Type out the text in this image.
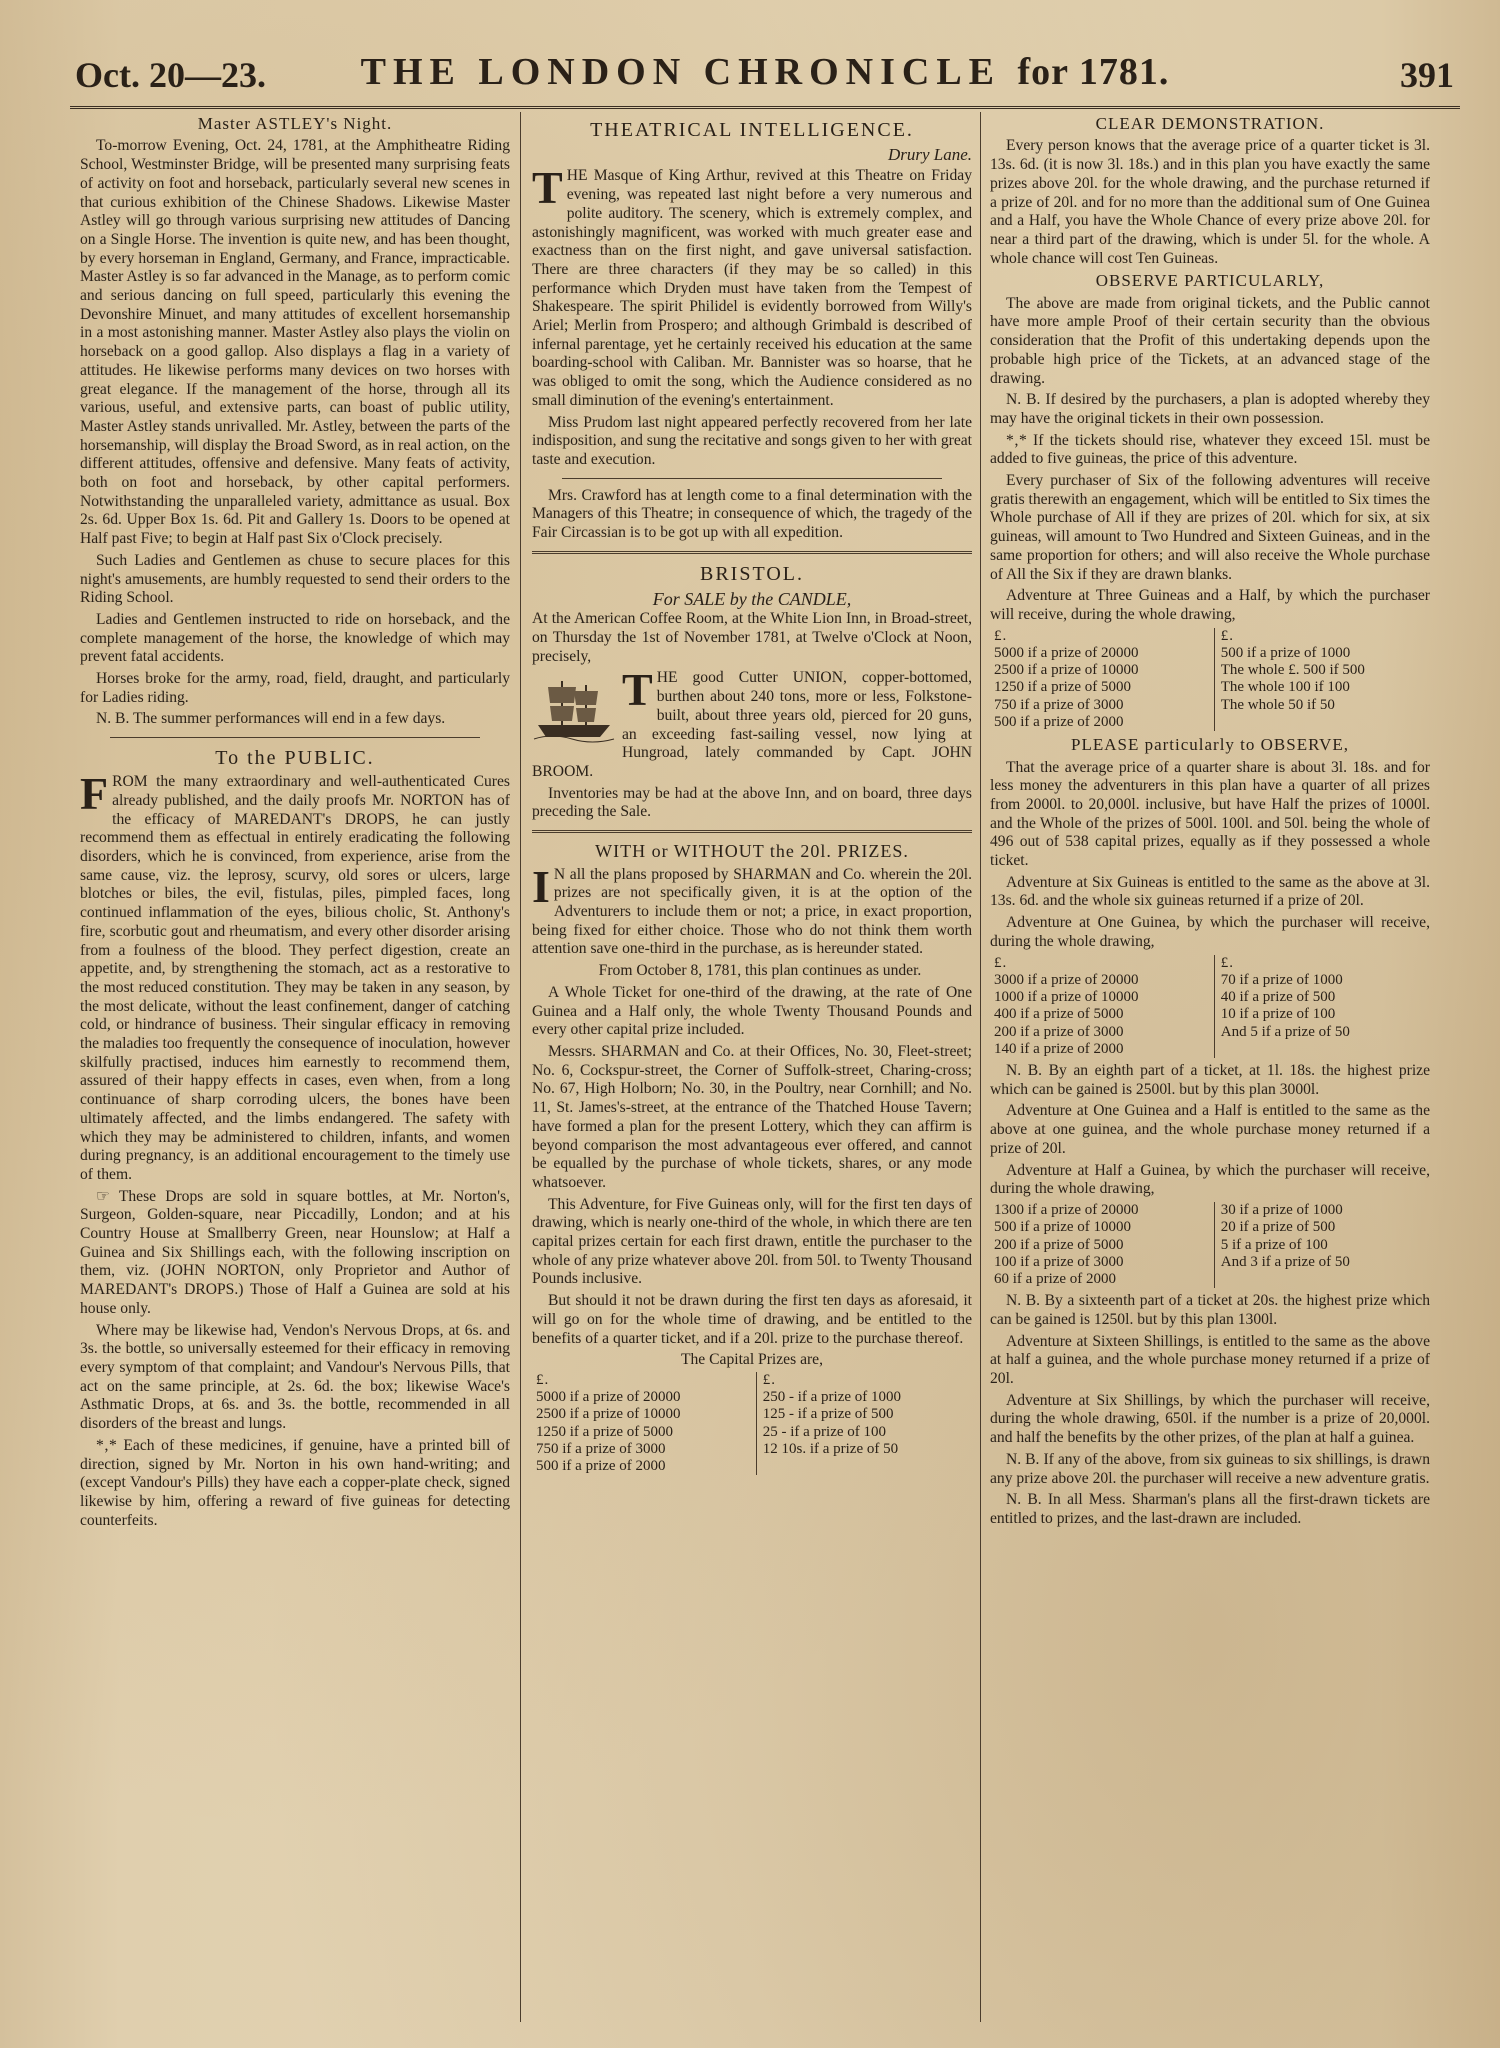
Oct. 20—23.	THE LONDON CHRONICLE for 1781.	391
Master ASTLEY's Night.

To-morrow Evening, Oct. 24, 1781, at the Amphitheatre Riding School, Westminster Bridge, will be presented many surprising feats of activity on foot and horseback, particularly several new scenes in that curious exhibition of the Chinese Shadows. Likewise Master Astley will go through various surprising new attitudes of Dancing on a Single Horse. The invention is quite new, and has been thought, by every horseman in England, Germany, and France, impracticable. Master Astley is so far advanced in the Manage, as to perform comic and serious dancing on full speed, particularly this evening the Devonshire Minuet, and many attitudes of excellent horsemanship in a most astonishing manner. Master Astley also plays the violin on horseback on a good gallop. Also displays a flag in a variety of attitudes. He likewise performs many devices on two horses with great elegance. If the management of the horse, through all its various, useful, and extensive parts, can boast of public utility, Master Astley stands unrivalled. Mr. Astley, between the parts of the horsemanship, will display the Broad Sword, as in real action, on the different attitudes, offensive and defensive. Many feats of activity, both on foot and horseback, by other capital performers. Notwithstanding the unparalleled variety, admittance as usual. Box 2s. 6d. Upper Box 1s. 6d. Pit and Gallery 1s. Doors to be opened at Half past Five; to begin at Half past Six o'Clock precisely.

Such Ladies and Gentlemen as chuse to secure places for this night's amusements, are humbly requested to send their orders to the Riding School.

Ladies and Gentlemen instructed to ride on horseback, and the complete management of the horse, the knowledge of which may prevent fatal accidents.

Horses broke for the army, road, field, draught, and particularly for Ladies riding.

N. B. The summer performances will end in a few days.

To the PUBLIC.

FROM the many extraordinary and well-authenticated Cures already published, and the daily proofs Mr. NORTON has of the efficacy of MAREDANT's DROPS, he can justly recommend them as effectual in entirely eradicating the following disorders, which he is convinced, from experience, arise from the same cause, viz. the leprosy, scurvy, old sores or ulcers, large blotches or biles, the evil, fistulas, piles, pimpled faces, long continued inflammation of the eyes, bilious cholic, St. Anthony's fire, scorbutic gout and rheumatism, and every other disorder arising from a foulness of the blood. They perfect digestion, create an appetite, and, by strengthening the stomach, act as a restorative to the most reduced constitution. They may be taken in any season, by the most delicate, without the least confinement, danger of catching cold, or hindrance of business. Their singular efficacy in removing the maladies too frequently the consequence of inoculation, however skilfully practised, induces him earnestly to recommend them, assured of their happy effects in cases, even when, from a long continuance of sharp corroding ulcers, the bones have been ultimately affected, and the limbs endangered. The safety with which they may be administered to children, infants, and women during pregnancy, is an additional encouragement to the timely use of them.

☞ These Drops are sold in square bottles, at Mr. Norton's, Surgeon, Golden-square, near Piccadilly, London; and at his Country House at Smallberry Green, near Hounslow; at Half a Guinea and Six Shillings each, with the following inscription on them, viz. (JOHN NORTON, only Proprietor and Author of MAREDANT's DROPS.) Those of Half a Guinea are sold at his house only.

Where may be likewise had, Vendon's Nervous Drops, at 6s. and 3s. the bottle, so universally esteemed for their efficacy in removing every symptom of that complaint; and Vandour's Nervous Pills, that act on the same principle, at 2s. 6d. the box; likewise Wace's Asthmatic Drops, at 6s. and 3s. the bottle, recommended in all disorders of the breast and lungs.

*‚* Each of these medicines, if genuine, have a printed bill of direction, signed by Mr. Norton in his own hand-writing; and (except Vandour's Pills) they have each a copper-plate check, signed likewise by him, offering a reward of five guineas for detecting counterfeits.

THEATRICAL INTELLIGENCE.
Drury Lane.

THE Masque of King Arthur, revived at this Theatre on Friday evening, was repeated last night before a very numerous and polite auditory. The scenery, which is extremely complex, and astonishingly magnificent, was worked with much greater ease and exactness than on the first night, and gave universal satisfaction. There are three characters (if they may be so called) in this performance which Dryden must have taken from the Tempest of Shakespeare. The spirit Philidel is evidently borrowed from Willy's Ariel; Merlin from Prospero; and although Grimbald is described of infernal parentage, yet he certainly received his education at the same boarding-school with Caliban. Mr. Bannister was so hoarse, that he was obliged to omit the song, which the Audience considered as no small diminution of the evening's entertainment.

Miss Prudom last night appeared perfectly recovered from her late indisposition, and sung the recitative and songs given to her with great taste and execution.

Mrs. Crawford has at length come to a final determination with the Managers of this Theatre; in consequence of which, the tragedy of the Fair Circassian is to be got up with all expedition.

BRISTOL.
For SALE by the CANDLE,

At the American Coffee Room, at the White Lion Inn, in Broad-street, on Thursday the 1st of November 1781, at Twelve o'Clock at Noon, precisely,

THE good Cutter UNION, copper-bottomed, burthen about 240 tons, more or less, Folkstone-built, about three years old, pierced for 20 guns, an exceeding fast-sailing vessel, now lying at Hungroad, lately commanded by Capt. JOHN BROOM.

Inventories may be had at the above Inn, and on board, three days preceding the Sale.

WITH or WITHOUT the 20l. PRIZES.

I N all the plans proposed by SHARMAN and Co. wherein the 20l. prizes are not specifically given, it is at the option of the Adventurers to include them or not; a price, in exact proportion, being fixed for either choice. Those who do not think them worth attention save one-third in the purchase, as is hereunder stated.

From October 8, 1781, this plan continues as under.

A Whole Ticket for one-third of the drawing, at the rate of One Guinea and a Half only, the whole Twenty Thousand Pounds and every other capital prize included.

Messrs. SHARMAN and Co. at their Offices, No. 30, Fleet-street; No. 6, Cockspur-street, the Corner of Suffolk-street, Charing-cross; No. 67, High Holborn; No. 30, in the Poultry, near Cornhill; and No. 11, St. James's-street, at the entrance of the Thatched House Tavern; have formed a plan for the present Lottery, which they can affirm is beyond comparison the most advantageous ever offered, and cannot be equalled by the purchase of whole tickets, shares, or any mode whatsoever.

This Adventure, for Five Guineas only, will for the first ten days of drawing, which is nearly one-third of the whole, in which there are ten capital prizes certain for each first drawn, entitle the purchaser to the whole of any prize whatever above 20l. from 50l. to Twenty Thousand Pounds inclusive.

But should it not be drawn during the first ten days as aforesaid, it will go on for the whole time of drawing, and be entitled to the benefits of a quarter ticket, and if a 20l. prize to the purchase thereof.

The Capital Prizes are,
£.
5000 if a prize of 20000
2500 if a prize of 10000
1250 if a prize of 5000
750 if a prize of 3000
500 if a prize of 2000
£.
250 - if a prize of 1000
125 - if a prize of 500
25 - if a prize of 100
12 10s. if a prize of 50
CLEAR DEMONSTRATION.

Every person knows that the average price of a quarter ticket is 3l. 13s. 6d. (it is now 3l. 18s.) and in this plan you have exactly the same prizes above 20l. for the whole drawing, and the purchase returned if a prize of 20l. and for no more than the additional sum of One Guinea and a Half, you have the Whole Chance of every prize above 20l. for near a third part of the drawing, which is under 5l. for the whole. A whole chance will cost Ten Guineas.

OBSERVE PARTICULARLY,

The above are made from original tickets, and the Public cannot have more ample Proof of their certain security than the obvious consideration that the Profit of this undertaking depends upon the probable high price of the Tickets, at an advanced stage of the drawing.

N. B. If desired by the purchasers, a plan is adopted whereby they may have the original tickets in their own possession.

*‚* If the tickets should rise, whatever they exceed 15l. must be added to five guineas, the price of this adventure.

Every purchaser of Six of the following adventures will receive gratis therewith an engagement, which will be entitled to Six times the Whole purchase of All if they are prizes of 20l. which for six, at six guineas, will amount to Two Hundred and Sixteen Guineas, and in the same proportion for others; and will also receive the Whole purchase of All the Six if they are drawn blanks.

Adventure at Three Guineas and a Half, by which the purchaser will receive, during the whole drawing,

£.
5000 if a prize of 20000
2500 if a prize of 10000
1250 if a prize of 5000
750 if a prize of 3000
500 if a prize of 2000
£.
500 if a prize of 1000
The whole £. 500 if 500
The whole 100 if 100
The whole 50 if 50
PLEASE particularly to OBSERVE,

That the average price of a quarter share is about 3l. 18s. and for less money the adventurers in this plan have a quarter of all prizes from 2000l. to 20,000l. inclusive, but have Half the prizes of 1000l. and the Whole of the prizes of 500l. 100l. and 50l. being the whole of 496 out of 538 capital prizes, equally as if they possessed a whole ticket.

Adventure at Six Guineas is entitled to the same as the above at 3l. 13s. 6d. and the whole six guineas returned if a prize of 20l.

Adventure at One Guinea, by which the purchaser will receive, during the whole drawing,

£.
3000 if a prize of 20000
1000 if a prize of 10000
400 if a prize of 5000
200 if a prize of 3000
140 if a prize of 2000
£.
70 if a prize of 1000
40 if a prize of 500
10 if a prize of 100
And 5 if a prize of 50

N. B. By an eighth part of a ticket, at 1l. 18s. the highest prize which can be gained is 2500l. but by this plan 3000l.

Adventure at One Guinea and a Half is entitled to the same as the above at one guinea, and the whole purchase money returned if a prize of 20l.

Adventure at Half a Guinea, by which the purchaser will receive, during the whole drawing,

1300 if a prize of 20000
500 if a prize of 10000
200 if a prize of 5000
100 if a prize of 3000
60 if a prize of 2000
30 if a prize of 1000
20 if a prize of 500
5 if a prize of 100
And 3 if a prize of 50

N. B. By a sixteenth part of a ticket at 20s. the highest prize which can be gained is 1250l. but by this plan 1300l.

Adventure at Sixteen Shillings, is entitled to the same as the above at half a guinea, and the whole purchase money returned if a prize of 20l.

Adventure at Six Shillings, by which the purchaser will receive, during the whole drawing, 650l. if the number is a prize of 20,000l. and half the benefits by the other prizes, of the plan at half a guinea.

N. B. If any of the above, from six guineas to six shillings, is drawn any prize above 20l. the purchaser will receive a new adventure gratis.

N. B. In all Mess. Sharman's plans all the first-drawn tickets are entitled to prizes, and the last-drawn are included.
